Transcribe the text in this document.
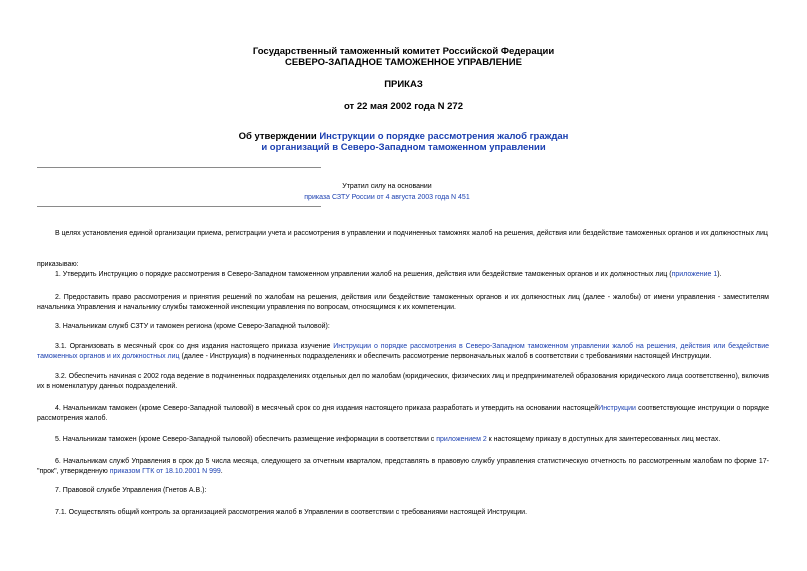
Государственный таможенный комитет Российской Федерации
СЕВЕРО-ЗАПАДНОЕ ТАМОЖЕННОЕ УПРАВЛЕНИЕ
ПРИКАЗ
от 22 мая 2002 года N 272
Об утверждении Инструкции о порядке рассмотрения жалоб граждан
и организаций в Северо-Западном таможенном управлении
Утратил силу на основании
приказа СЗТУ России от 4 августа 2003 года N 451
В целях установления единой организации приема, регистрации учета и рассмотрения в управлении и подчиненных таможнях жалоб на решения, действия или бездействие таможенных органов и их должностных лиц
приказываю:
1. Утвердить Инструкцию о порядке рассмотрения в Северо-Западном таможенном управлении жалоб на решения, действия или бездействие таможенных органов и их должностных лиц (приложение 1).
2. Предоставить право рассмотрения и принятия решений по жалобам на решения, действия или бездействие таможенных органов и их должностных лиц (далее - жалобы) от имени управления - заместителям начальника Управления и начальнику службы таможенной инспекции управления по вопросам, относящимся к их компетенции.
3. Начальникам служб СЗТУ и таможен региона (кроме Северо-Западной тыловой):
3.1. Организовать в месячный срок со дня издания настоящего приказа изучение Инструкции о порядке рассмотрения в Северо-Западном таможенном управлении жалоб на решения, действия или бездействие таможенных органов и их должностных лиц (далее - Инструкция) в подчиненных подразделениях и обеспечить рассмотрение первоначальных жалоб в соответствии с требованиями настоящей Инструкции.
3.2. Обеспечить начиная с 2002 года ведение в подчиненных подразделениях отдельных дел по жалобам (юридических, физических лиц и предпринимателей образования юридического лица соответственно), включив их в номенклатуру данных подразделений.
4. Начальникам таможен (кроме Северо-Западной тыловой) в месячный срок со дня издания настоящего приказа разработать и утвердить на основании настоящейИнструкции соответствующие инструкции о порядке рассмотрения жалоб.
5. Начальникам таможен (кроме Северо-Западной тыловой) обеспечить размещение информации в соответствии с приложением 2 к настоящему приказу в доступных для заинтересованных лиц местах.
6. Начальникам служб Управления в срок до 5 числа месяца, следующего за отчетным кварталом, представлять в правовую службу управления статистическую отчетность по рассмотренным жалобам по форме 17-"прок", утвержденную приказом ГТК от 18.10.2001 N 999.
7. Правовой службе Управления (Гнетов А.В.):
7.1. Осуществлять общий контроль за организацией рассмотрения жалоб в Управлении в соответствии с требованиями настоящей Инструкции.
